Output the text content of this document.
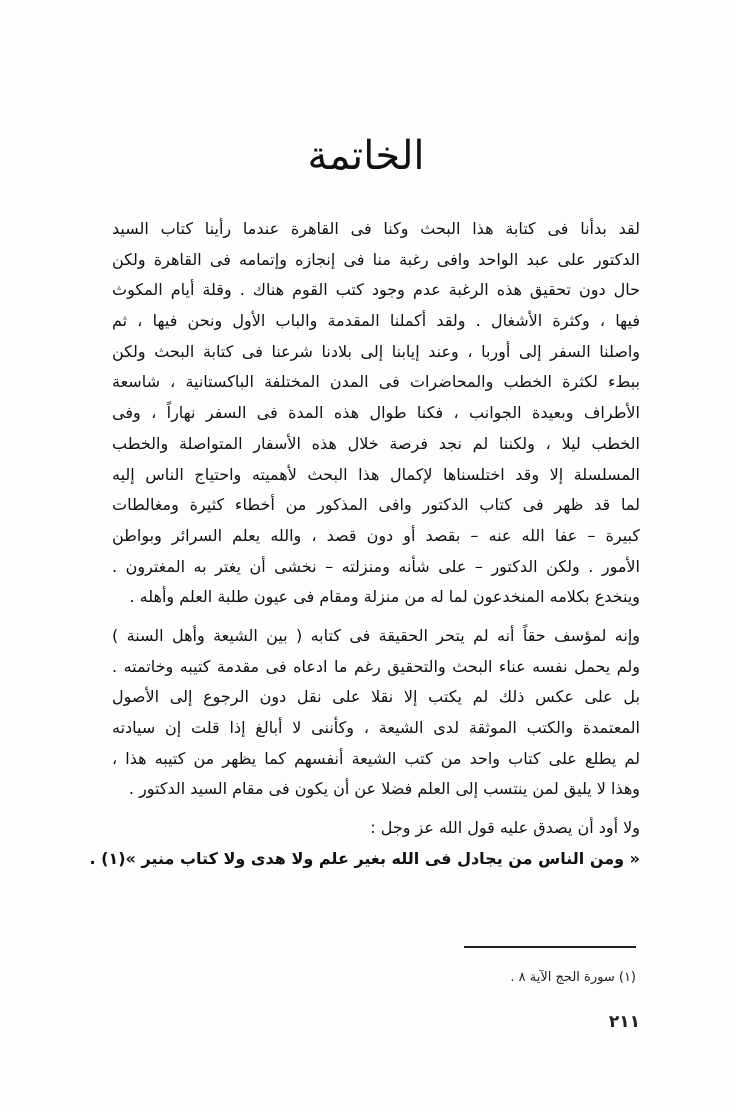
الخاتمة
لقد بدأنا فى كتابة هذا البحث وكنا فى القاهرة عندما رأينا كتاب السيد
الدكتور على عبد الواحد وافى رغبة منا فى إنجازه وإتمامه فى القاهرة ولكن
حال دون تحقيق هذه الرغبة عدم وجود كتب القوم هناك . وقلة أيام المكوث
فيها ، وكثرة الأشغال . ولقد أكملنا المقدمة والباب الأول ونحن فيها ، ثم
واصلنا السفر إلى أوربا ، وعند إيابنا إلى بلادنا شرعنا فى كتابة البحث ولكن
ببطء لكثرة الخطب والمحاضرات فى المدن المختلفة الباكستانية ، شاسعة
الأطراف وبعيدة الجوانب ، فكنا طوال هذه المدة فى السفر نهاراً ، وفى
الخطب ليلا ، ولكننا لم نجد فرصة خلال هذه الأسفار المتواصلة والخطب
المسلسلة إلا وقد اختلسناها لإكمال هذا البحث لأهميته واحتياج الناس إليه
لما قد ظهر فى كتاب الدكتور وافى المذكور من أخطاء كثيرة ومغالطات
كبيرة – عفا الله عنه – بقصد أو دون قصد ، والله يعلم السرائر وبواطن
الأمور . ولكن الدكتور – على شأنه ومنزلته – نخشى أن يغتر به المغترون .
وينخدع بكلامه المنخدعون لما له من منزلة ومقام فى عيون طلبة العلم وأهله .
وإنه لمؤسف حقاً أنه لم يتحر الحقيقة فى كتابه ( بين الشيعة وأهل السنة )
ولم يحمل نفسه عناء البحث والتحقيق رغم ما ادعاه فى مقدمة كتيبه وخاتمته .
بل على عكس ذلك لم يكتب إلا نقلا على نقل دون الرجوع إلى الأصول
المعتمدة والكتب الموثقة لدى الشيعة ، وكأننى لا أبالغ إذا قلت إن سيادته
لم يطلع على كتاب واحد من كتب الشيعة أنفسهم كما يظهر من كتيبه هذا ،
وهذا لا يليق لمن ينتسب إلى العلم فضلا عن أن يكون فى مقام السيد الدكتور .
ولا أود أن يصدق عليه قول الله عز وجل :
« ومن الناس من يجادل فى الله بغير علم ولا هدى ولا كتاب منير »(١) .
(١) سورة الحج الآية ٨ .
٢١١
